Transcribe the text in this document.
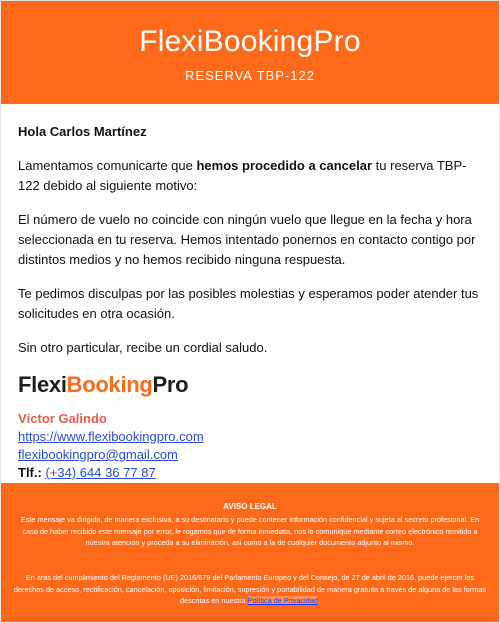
FlexiBookingPro
RESERVA TBP-122

Hola Carlos Martínez

Lamentamos comunicarte que hemos procedido a cancelar tu reserva TBP-122 debido al siguiente motivo:

El número de vuelo no coincide con ningún vuelo que llegue en la fecha y hora seleccionada en tu reserva. Hemos intentado ponernos en contacto contigo por distintos medios y no hemos recibido ninguna respuesta.

Te pedimos disculpas por las posibles molestias y esperamos poder atender tus solicitudes en otra ocasión.

Sin otro particular, recibe un cordial saludo.

FlexiBookingPro
Víctor Galindo
https://www.flexibookingpro.com
flexibookingpro@gmail.com
Tlf.: (+34) 644 36 77 87
AVISO LEGAL
Este mensaje va dirigido, de manera exclusiva, a su destinatario y puede contener información confidencial y sujeta al secreto profesional. En caso de haber recibido este mensaje por error, le rogamos que de forma inmediata, nos lo comunique mediante correo electrónico remitido a nuestra atención y proceda a su eliminación, así como a la de cualquier documento adjunto al mismo.
En aras del cumplimiento del Reglamento (UE) 2016/679 del Parlamento Europeo y del Consejo, de 27 de abril de 2016, puede ejercer los derechos de acceso, rectificación, cancelación, oposición, limitación, supresión y portabilidad de manera gratuita a través de alguna de las formas descritas en nuestra Política de Privacidad.
